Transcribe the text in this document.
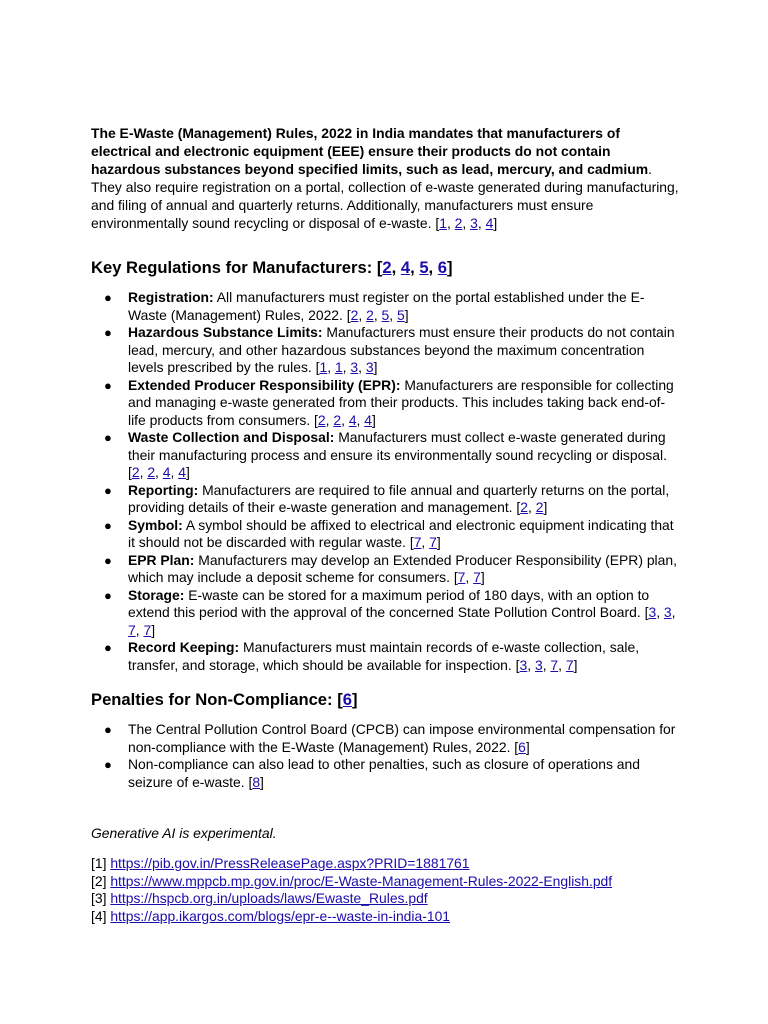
The E-Waste (Management) Rules, 2022 in India mandates that manufacturers of electrical and electronic equipment (EEE) ensure their products do not contain hazardous substances beyond specified limits, such as lead, mercury, and cadmium. They also require registration on a portal, collection of e-waste generated during manufacturing, and filing of annual and quarterly returns. Additionally, manufacturers must ensure environmentally sound recycling or disposal of e-waste. [1, 2, 3, 4]

Key Regulations for Manufacturers: [2, 4, 5, 6]
● Registration: All manufacturers must register on the portal established under the E-Waste (Management) Rules, 2022. [2, 2, 5, 5]
● Hazardous Substance Limits: Manufacturers must ensure their products do not contain lead, mercury, and other hazardous substances beyond the maximum concentration levels prescribed by the rules. [1, 1, 3, 3]
● Extended Producer Responsibility (EPR): Manufacturers are responsible for collecting and managing e-waste generated from their products. This includes taking back end-of-life products from consumers. [2, 2, 4, 4]
● Waste Collection and Disposal: Manufacturers must collect e-waste generated during their manufacturing process and ensure its environmentally sound recycling or disposal. [2, 2, 4, 4]
● Reporting: Manufacturers are required to file annual and quarterly returns on the portal, providing details of their e-waste generation and management. [2, 2]
● Symbol: A symbol should be affixed to electrical and electronic equipment indicating that it should not be discarded with regular waste. [7, 7]
● EPR Plan: Manufacturers may develop an Extended Producer Responsibility (EPR) plan, which may include a deposit scheme for consumers. [7, 7]
● Storage: E-waste can be stored for a maximum period of 180 days, with an option to extend this period with the approval of the concerned State Pollution Control Board. [3, 3, 7, 7]
● Record Keeping: Manufacturers must maintain records of e-waste collection, sale, transfer, and storage, which should be available for inspection. [3, 3, 7, 7]
Penalties for Non-Compliance: [6]
● The Central Pollution Control Board (CPCB) can impose environmental compensation for non-compliance with the E-Waste (Management) Rules, 2022. [6]
● Non-compliance can also lead to other penalties, such as closure of operations and seizure of e-waste. [8]

Generative AI is experimental.

[1] https://pib.gov.in/PressReleasePage.aspx?PRID=1881761
[2] https://www.mppcb.mp.gov.in/proc/E-Waste-Management-Rules-2022-English.pdf
[3] https://hspcb.org.in/uploads/laws/Ewaste_Rules.pdf
[4] https://app.ikargos.com/blogs/epr-e--waste-in-india-101
